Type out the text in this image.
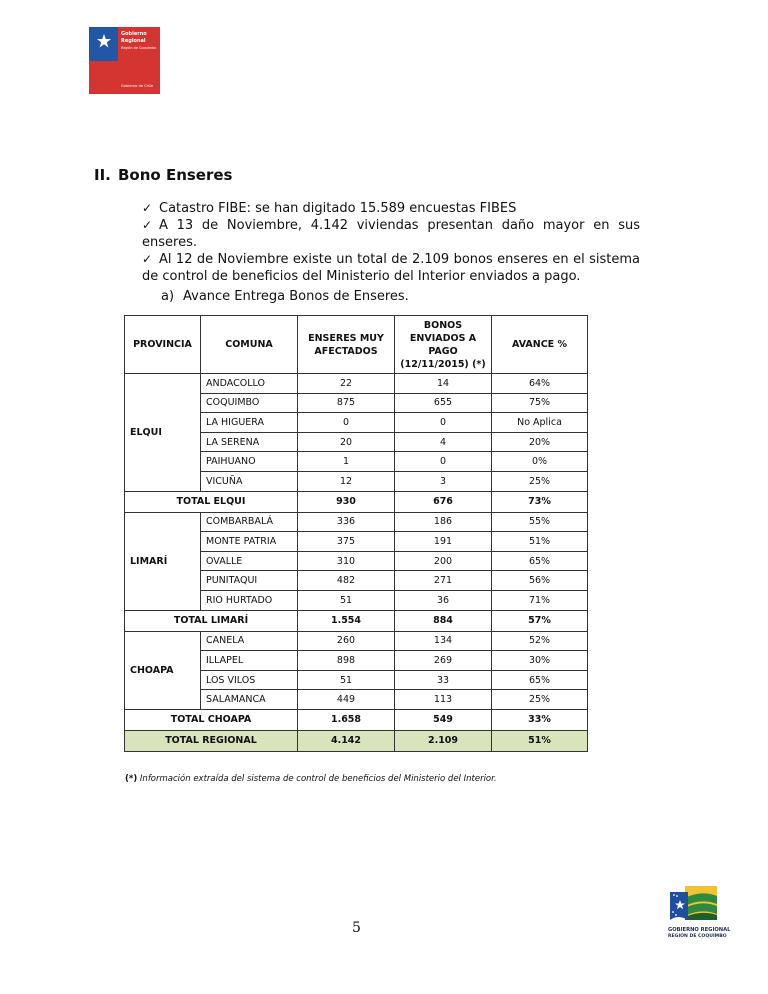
Gobierno
Regional
Región de Coquimbo
Gobierno de Chile
II. Bono Enseres
✓ Catastro FIBE: se han digitado 15.589 encuestas FIBES
✓ A 13 de Noviembre, 4.142 viviendas presentan daño mayor en sus enseres.
✓ Al 12 de Noviembre existe un total de 2.109 bonos enseres en el sistema de control de beneficios del Ministerio del Interior enviados a pago.
a) Avance Entrega Bonos de Enseres.
PROVINCIA	COMUNA	ENSERES MUY AFECTADOS	BONOS ENVIADOS A PAGO (12/11/2015) (*)	AVANCE %
ELQUI	ANDACOLLO	22	14	64%
	COQUIMBO	875	655	75%
	LA HIGUERA	0	0	No Aplica
	LA SERENA	20	4	20%
	PAIHUANO	1	0	0%
	VICUÑA	12	3	25%
TOTAL ELQUI		930	676	73%
LIMARÍ	COMBARBALÁ	336	186	55%
	MONTE PATRIA	375	191	51%
	OVALLE	310	200	65%
	PUNITAQUI	482	271	56%
	RIO HURTADO	51	36	71%
TOTAL LIMARÍ		1.554	884	57%
CHOAPA	CANELA	260	134	52%
	ILLAPEL	898	269	30%
	LOS VILOS	51	33	65%
	SALAMANCA	449	113	25%
TOTAL CHOAPA		1.658	549	33%
TOTAL REGIONAL		4.142	2.109	51%
(*) Información extraída del sistema de control de beneficios del Ministerio del Interior.
5	GOBIERNO REGIONAL
REGIÓN DE COQUIMBO
